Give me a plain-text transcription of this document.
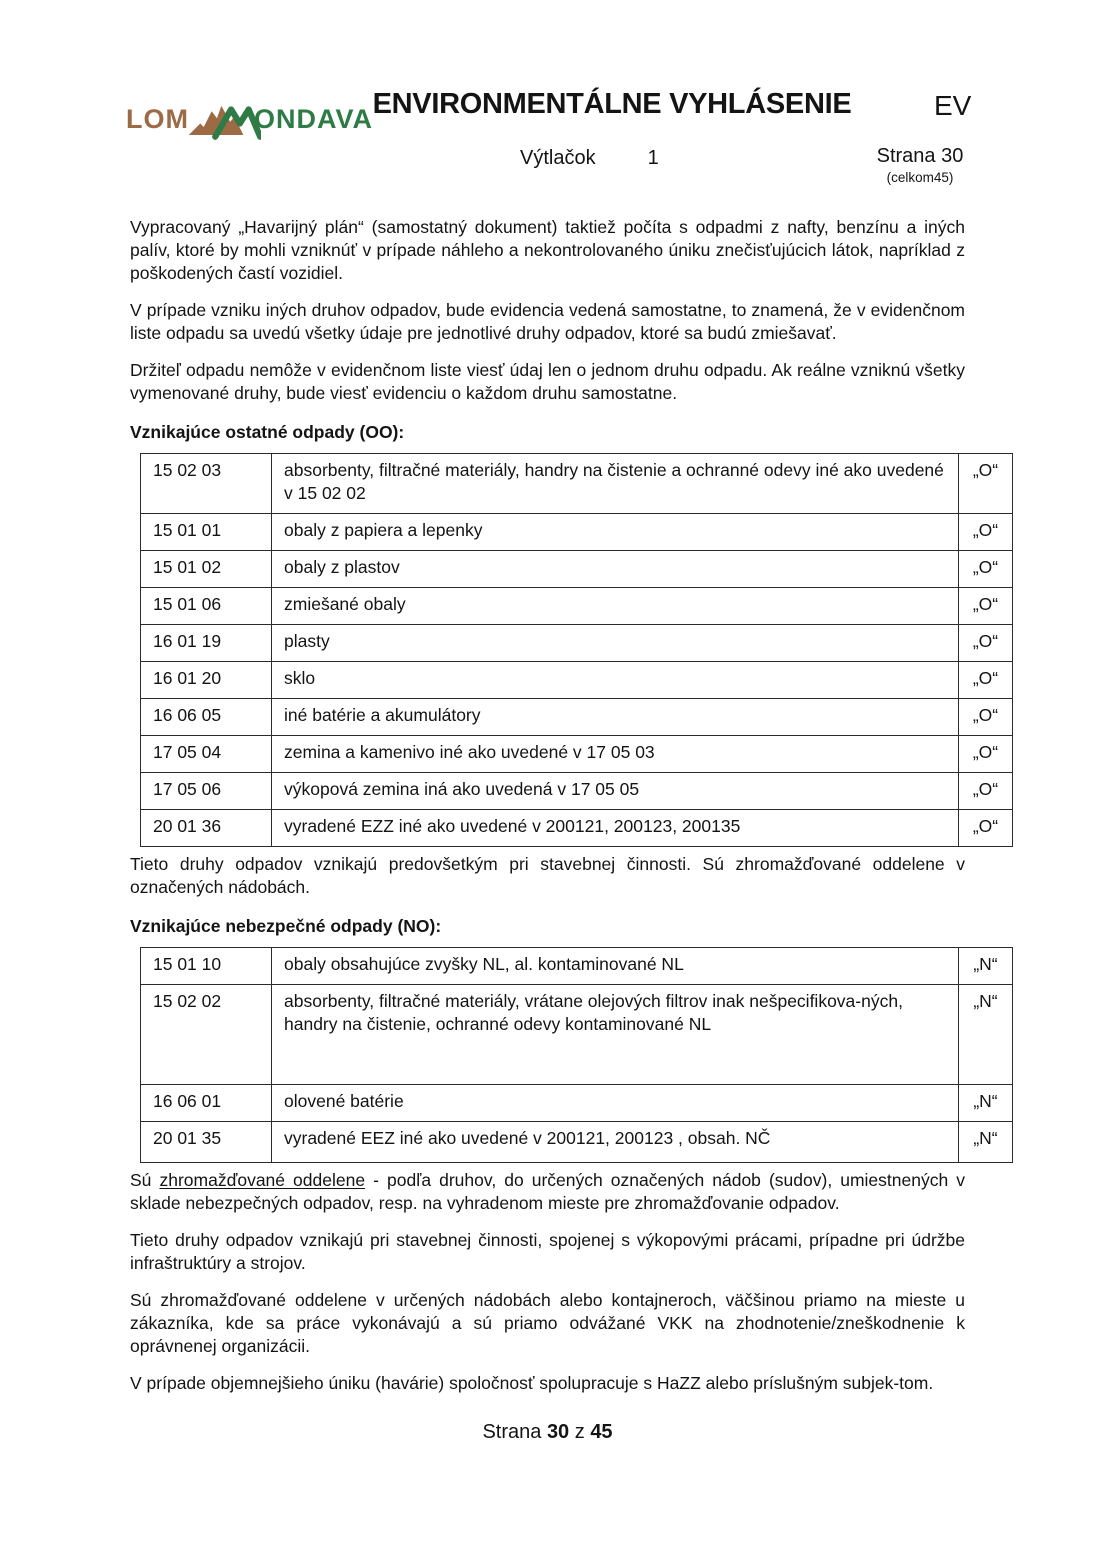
LOM ONDAVA ENVIRONMENTÁLNE VYHLÁSENIE	EV
Výtlačok	1	Strana 30
(celkom45)

Vypracovaný „Havarijný plán“ (samostatný dokument) taktiež počíta s odpadmi z nafty, benzínu a iných palív, ktoré by mohli vzniknúť v prípade náhleho a nekontrolovaného úniku znečisťujúcich látok, napríklad z poškodených častí vozidiel.

V prípade vzniku iných druhov odpadov, bude evidencia vedená samostatne, to znamená, že v evidenčnom liste odpadu sa uvedú všetky údaje pre jednotlivé druhy odpadov, ktoré sa budú zmiešavať.

Držiteľ odpadu nemôže v evidenčnom liste viesť údaj len o jednom druhu odpadu. Ak reálne vzniknú všetky vymenované druhy, bude viesť evidenciu o každom druhu samostatne.

Vznikajúce ostatné odpady (OO):
15 02 03	absorbenty, filtračné materiály, handry na čistenie a ochranné odevy iné ako uvedené v 15 02 02	„O“
15 01 01	obaly z papiera a lepenky	„O“
15 01 02	obaly z plastov	„O“
15 01 06	zmiešané obaly	„O“
16 01 19	plasty	„O“
16 01 20	sklo	„O“
16 06 05	iné batérie a akumulátory	„O“
17 05 04	zemina a kamenivo iné ako uvedené v 17 05 03	„O“
17 05 06	výkopová zemina iná ako uvedená v 17 05 05	„O“
20 01 36	vyradené EZZ iné ako uvedené v 200121, 200123, 200135	„O“

Tieto druhy odpadov vznikajú predovšetkým pri stavebnej činnosti. Sú zhromažďované oddelene v označených nádobách.

Vznikajúce nebezpečné odpady (NO):
15 01 10	obaly obsahujúce zvyšky NL, al. kontaminované NL	„N“
15 02 02	absorbenty, filtračné materiály, vrátane olejových filtrov inak nešpecifikova-ných, handry na čistenie, ochranné odevy kontaminované NL	„N“
16 06 01	olovené batérie	„N“
20 01 35	vyradené EEZ iné ako uvedené v 200121, 200123 , obsah. NČ	„N“

Sú zhromažďované oddelene - podľa druhov, do určených označených nádob (sudov), umiestnených v sklade nebezpečných odpadov, resp. na vyhradenom mieste pre zhromažďovanie odpadov.

Tieto druhy odpadov vznikajú pri stavebnej činnosti, spojenej s výkopovými prácami, prípadne pri údržbe infraštruktúry a strojov.

Sú zhromažďované oddelene v určených nádobách alebo kontajneroch, väčšinou priamo na mieste u zákazníka, kde sa práce vykonávajú a sú priamo odvážané VKK na zhodnotenie/zneškodnenie k oprávnenej organizácii.

V prípade objemnejšieho úniku (havárie) spoločnosť spolupracuje s HaZZ alebo príslušným subjek-tom.

Strana 30 z 45
